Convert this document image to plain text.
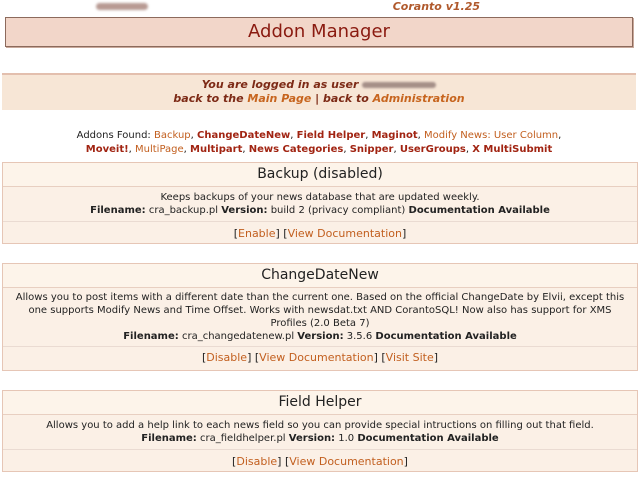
Coranto v1.25
Addon Manager
You are logged in as user
back to the Main Page | back to Administration
Addons Found: Backup, ChangeDateNew, Field Helper, Maginot, Modify News: User Column,
Moveit!, MultiPage, Multipart, News Categories, Snipper, UserGroups, X MultiSubmit
Backup (disabled)
Keeps backups of your news database that are updated weekly.
Filename: cra_backup.pl Version: build 2 (privacy compliant) Documentation Available
[Enable] [View Documentation]
ChangeDateNew
Allows you to post items with a different date than the current one. Based on the official ChangeDate by Elvii, except this one supports Modify News and Time Offset. Works with newsdat.txt AND CorantoSQL! Now also has support for XMS Profiles (2.0 Beta 7)
Filename: cra_changedatenew.pl Version: 3.5.6 Documentation Available
[Disable] [View Documentation] [Visit Site]
Field Helper
Allows you to add a help link to each news field so you can provide special intructions on filling out that field.
Filename: cra_fieldhelper.pl Version: 1.0 Documentation Available
[Disable] [View Documentation]
